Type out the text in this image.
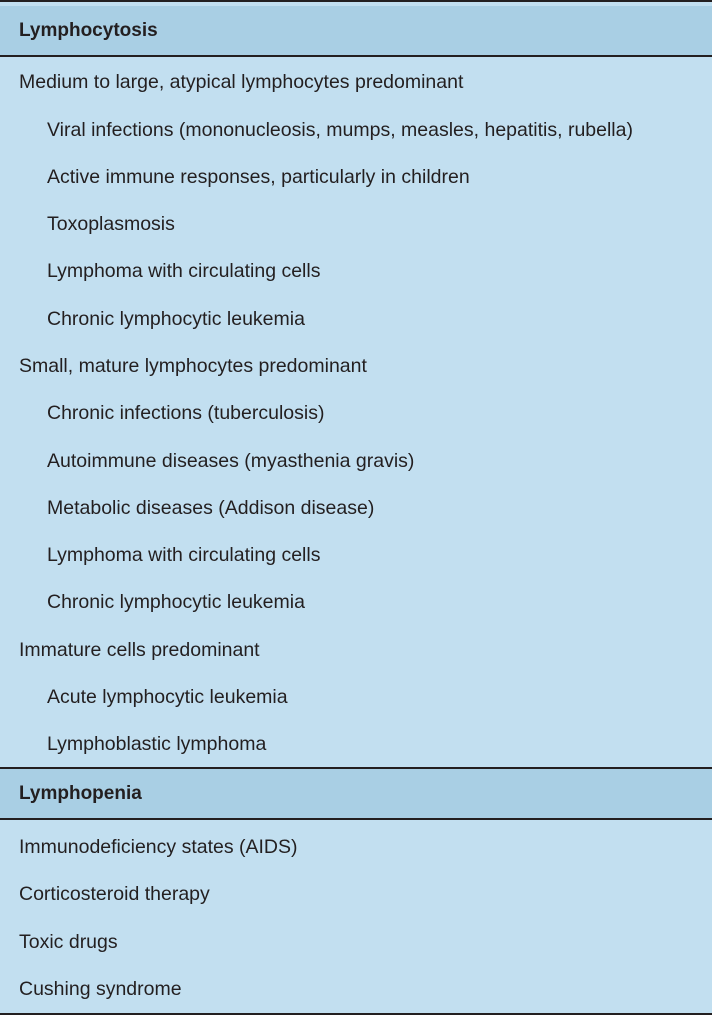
Lymphocytosis
Medium to large, atypical lymphocytes predominant
Viral infections (mononucleosis, mumps, measles, hepatitis, rubella)
Active immune responses, particularly in children
Toxoplasmosis
Lymphoma with circulating cells
Chronic lymphocytic leukemia
Small, mature lymphocytes predominant
Chronic infections (tuberculosis)
Autoimmune diseases (myasthenia gravis)
Metabolic diseases (Addison disease)
Lymphoma with circulating cells
Chronic lymphocytic leukemia
Immature cells predominant
Acute lymphocytic leukemia
Lymphoblastic lymphoma
Lymphopenia
Immunodeficiency states (AIDS)
Corticosteroid therapy
Toxic drugs
Cushing syndrome
